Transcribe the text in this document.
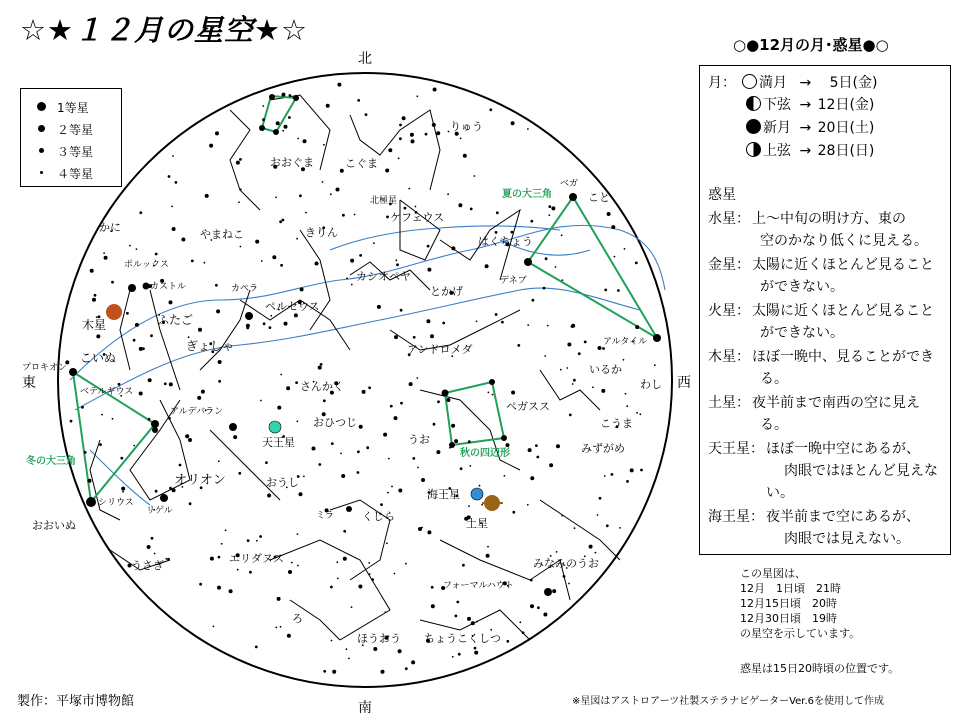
☆★１２月の星空★☆	○●12月の月･惑星●○
1等星
２等星
３等星
４等星
北
南
東	西
おおぐま	こぐま
りゅう
北極星
ケフェウス
はくちょう
こと
ベガ
デネブ
夏の大三角
やまねこ	きりん
カシオペヤ
とかげ
かに
ポルックス
カストル
ふたご
カペラ
ぎょしゃ
ペルセウス
アンドロメダ
アルタイル
わし
いるか
プロキオン
こいぬ
ベテルギウス
アルデバラン
さんかく
おひつじ
ペガスス
こうま
みずがめ
うお
秋の四辺形
冬の大三角
おうし
オリオン
シリウス
リゲル
おおいぬ
ミラ	くじら
エリダヌス
うさぎ	みなみのうお
フォーマルハウト
ろ
ほうおう ちょうこくしつ
木星
天王星
海王星
土星
月：	満月 → 5日(金)
下弦 → 12日(金)
新月 → 20日(土)
上弦 → 28日(日)
惑星
水星： 上～中旬の明け方、東の
空のかなり低くに見える。
金星： 太陽に近くほとんど見ること
ができない。
火星： 太陽に近くほとんど見ること
ができない。
木星： ほぼ一晩中、見ることができ
る。
土星： 夜半前まで南西の空に見え
る。
天王星： ほぼ一晩中空にあるが、
肉眼ではほとんど見えな
い。
海王星： 夜半前まで空にあるが、
肉眼では見えない。
この星図は、
12月　1日頃　21時
12月15日頃　20時
12月30日頃　19時
の星空を示しています。
惑星は15日20時頃の位置です。
製作：平塚市博物館	※星図はアストロアーツ社製ステラナビゲーターVer.6を使用して作成
